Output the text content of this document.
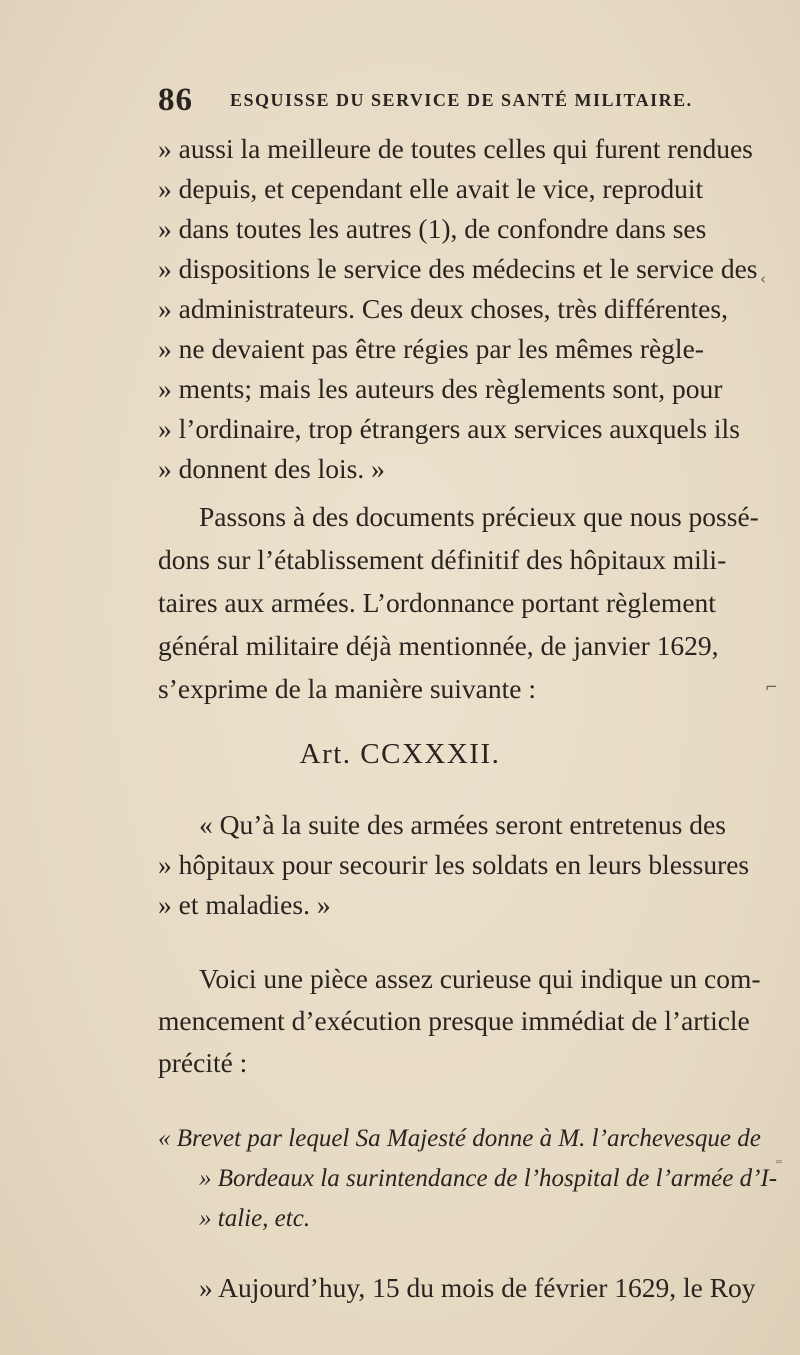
86 ESQUISSE DU SERVICE DE SANTÉ MILITAIRE.
» aussi la meilleure de toutes celles qui furent rendues
» depuis, et cependant elle avait le vice, reproduit
» dans toutes les autres (1), de confondre dans ses
» dispositions le service des médecins et le service des
» administrateurs. Ces deux choses, très différentes,
» ne devaient pas être régies par les mêmes règle-
» ments; mais les auteurs des règlements sont, pour
» l’ordinaire, trop étrangers aux services auxquels ils
» donnent des lois. »
Passons à des documents précieux que nous possé-
dons sur l’établissement définitif des hôpitaux mili-
taires aux armées. L’ordonnance portant règlement
général militaire déjà mentionnée, de janvier 1629,
s’exprime de la manière suivante :
Art. CCXXXII.
« Qu’à la suite des armées seront entretenus des
» hôpitaux pour secourir les soldats en leurs blessures
» et maladies. »
Voici une pièce assez curieuse qui indique un com-
mencement d’exécution presque immédiat de l’article
précité :
« Brevet par lequel Sa Majesté donne à M. l’archevesque de
» Bordeaux la surintendance de l’hospital de l’armée d’I-
» talie, etc.
» Aujourd’huy, 15 du mois de février 1629, le Roy
‹
⌐
⁼
